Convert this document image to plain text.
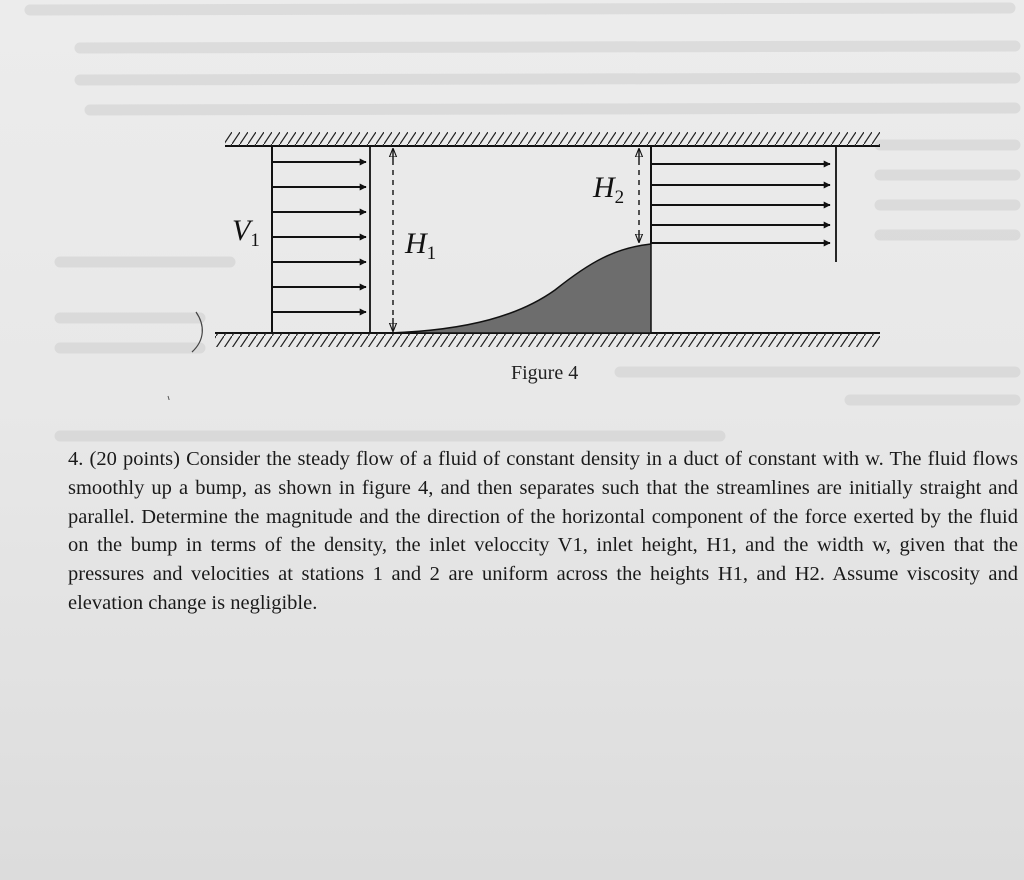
$V_1$	$H_1$
$H_2$
Figure 4
4. (20 points) Consider the steady flow of a fluid of constant density in a duct of constant with w. The fluid flows smoothly up a bump, as shown in figure 4, and then separates such that the streamlines are initially straight and parallel. Determine the magnitude and the direction of the horizontal component of the force exerted by the fluid on the bump in terms of the density, the inlet veloccity V1, inlet height, H1, and the width w, given that the pressures and velocities at stations 1 and 2 are uniform across the heights H1, and H2. Assume viscosity and elevation change is negligible.
